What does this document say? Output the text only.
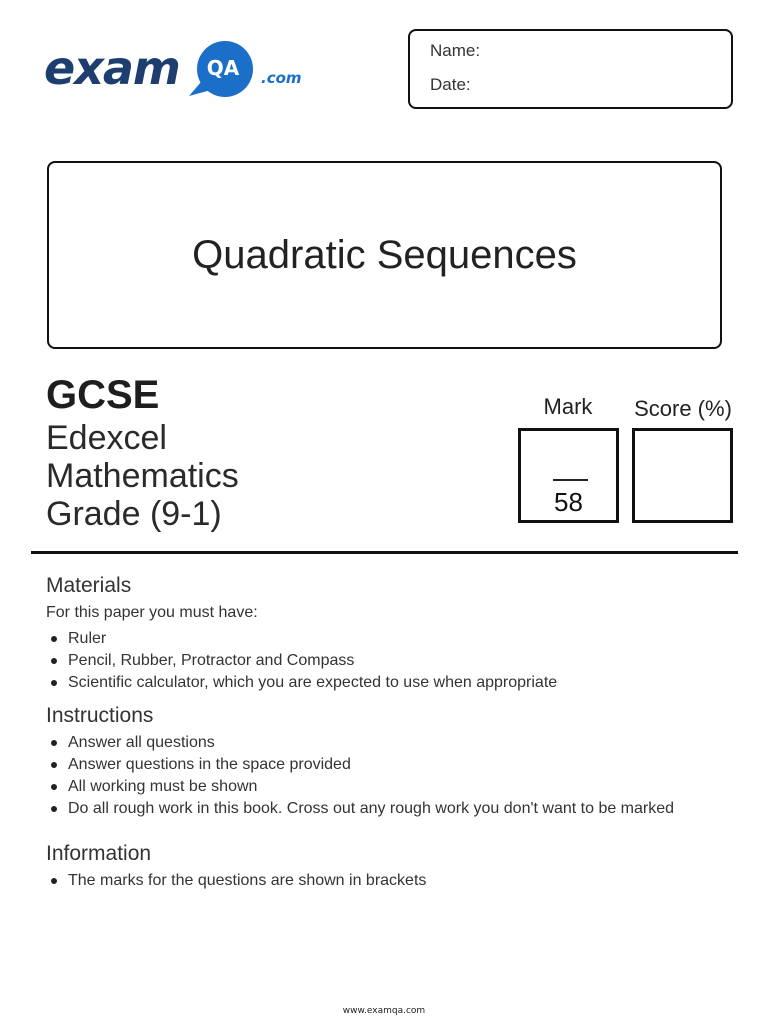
exam	QA	.com
Name:
Date:
Quadratic Sequences
GCSE
Edexcel
Mathematics
Grade (9-1)
Mark	Score (%)
58
Materials
For this paper you must have:
Ruler
Pencil, Rubber, Protractor and Compass
Scientific calculator, which you are expected to use when appropriate
Instructions
Answer all questions
Answer questions in the space provided
All working must be shown
Do all rough work in this book. Cross out any rough work you don't want to be marked
Information
The marks for the questions are shown in brackets
www.examqa.com
